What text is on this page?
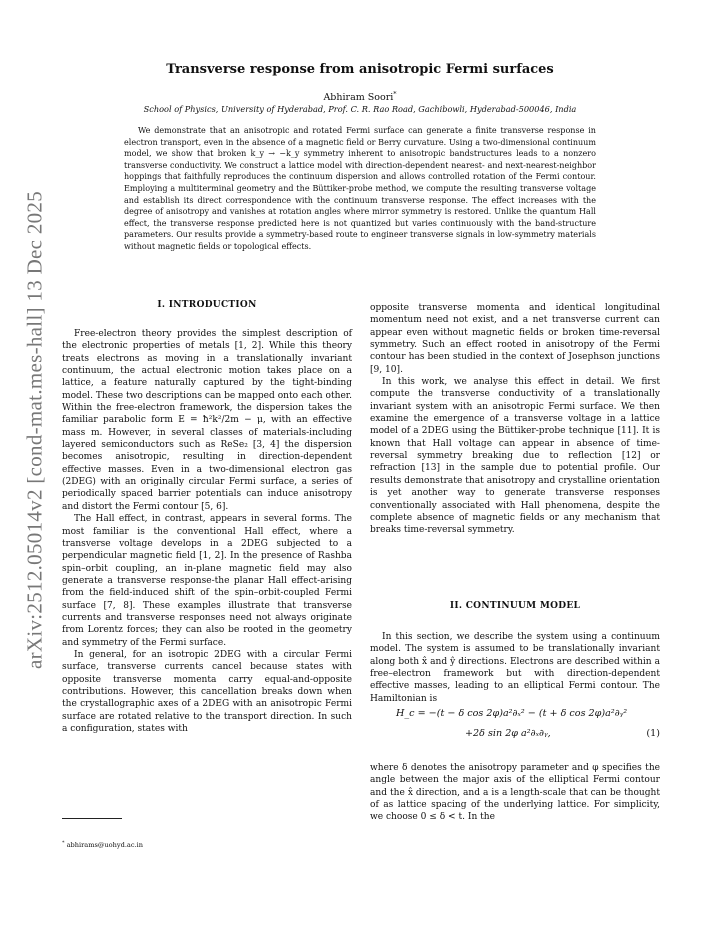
arXiv:2512.05014v2 [cond-mat.mes-hall] 13 Dec 2025
Transverse response from anisotropic Fermi surfaces
Abhiram Soori*
School of Physics, University of Hyderabad, Prof. C. R. Rao Road, Gachibowli, Hyderabad-500046, India
We demonstrate that an anisotropic and rotated Fermi surface can generate a finite transverse response in electron transport, even in the absence of a magnetic field or Berry curvature. Using a two-dimensional continuum model, we show that broken k_y → −k_y symmetry inherent to anisotropic bandstructures leads to a nonzero transverse conductivity. We construct a lattice model with direction-dependent nearest- and next-nearest-neighbor hoppings that faithfully reproduces the continuum dispersion and allows controlled rotation of the Fermi contour. Employing a multiterminal geometry and the Büttiker-probe method, we compute the resulting transverse voltage and establish its direct correspondence with the continuum transverse response. The effect increases with the degree of anisotropy and vanishes at rotation angles where mirror symmetry is restored. Unlike the quantum Hall effect, the transverse response predicted here is not quantized but varies continuously with the band-structure parameters. Our results provide a symmetry-based route to engineer transverse signals in low-symmetry materials without magnetic fields or topological effects.
I. INTRODUCTION

Free-electron theory provides the simplest description of the electronic properties of metals [1, 2]. While this theory treats electrons as moving in a translationally invariant continuum, the actual electronic motion takes place on a lattice, a feature naturally captured by the tight-binding model. These two descriptions can be mapped onto each other. Within the free-electron framework, the dispersion takes the familiar parabolic form E = ħ²k²/2m − μ, with an effective mass m. However, in several classes of materials-including layered semiconductors such as ReSe₂ [3, 4] the dispersion becomes anisotropic, resulting in direction-dependent effective masses. Even in a two-dimensional electron gas (2DEG) with an originally circular Fermi surface, a series of periodically spaced barrier potentials can induce anisotropy and distort the Fermi contour [5, 6].

The Hall effect, in contrast, appears in several forms. The most familiar is the conventional Hall effect, where a transverse voltage develops in a 2DEG subjected to a perpendicular magnetic field [1, 2]. In the presence of Rashba spin–orbit coupling, an in-plane magnetic field may also generate a transverse response-the planar Hall effect-arising from the field-induced shift of the spin–orbit-coupled Fermi surface [7, 8]. These examples illustrate that transverse currents and transverse responses need not always originate from Lorentz forces; they can also be rooted in the geometry and symmetry of the Fermi surface.

In general, for an isotropic 2DEG with a circular Fermi surface, transverse currents cancel because states with opposite transverse momenta carry equal-and-opposite contributions. However, this cancellation breaks down when the crystallographic axes of a 2DEG with an anisotropic Fermi surface are rotated relative to the transport direction. In such a configuration, states with

opposite transverse momenta and identical longitudinal momentum need not exist, and a net transverse current can appear even without magnetic fields or broken time-reversal symmetry. Such an effect rooted in anisotropy of the Fermi contour has been studied in the context of Josephson junctions [9, 10].

In this work, we analyse this effect in detail. We first compute the transverse conductivity of a translationally invariant system with an anisotropic Fermi surface. We then examine the emergence of a transverse voltage in a lattice model of a 2DEG using the Büttiker-probe technique [11]. It is known that Hall voltage can appear in absence of time-reversal symmetry breaking due to reflection [12] or refraction [13] in the sample due to potential profile. Our results demonstrate that anisotropy and crystalline orientation is yet another way to generate transverse responses conventionally associated with Hall phenomena, despite the complete absence of magnetic fields or any mechanism that breaks time-reversal symmetry.

II. CONTINUUM MODEL

In this section, we describe the system using a continuum model. The system is assumed to be translationally invariant along both x̂ and ŷ directions. Electrons are described within a free–electron framework but with direction-dependent effective masses, leading to an elliptical Fermi contour. The Hamiltonian is

H_c = −(t − δ cos 2φ)a²∂ₓ² − (t + δ cos 2φ)a²∂ᵧ²
+2δ sin 2φ a²∂ₓ∂ᵧ,	(1)

where δ denotes the anisotropy parameter and φ specifies the angle between the major axis of the elliptical Fermi contour and the x̂ direction, and a is a length-scale that can be thought of as lattice spacing of the underlying lattice. For simplicity, we choose 0 ≤ δ < t. In the

* abhirams@uohyd.ac.in
